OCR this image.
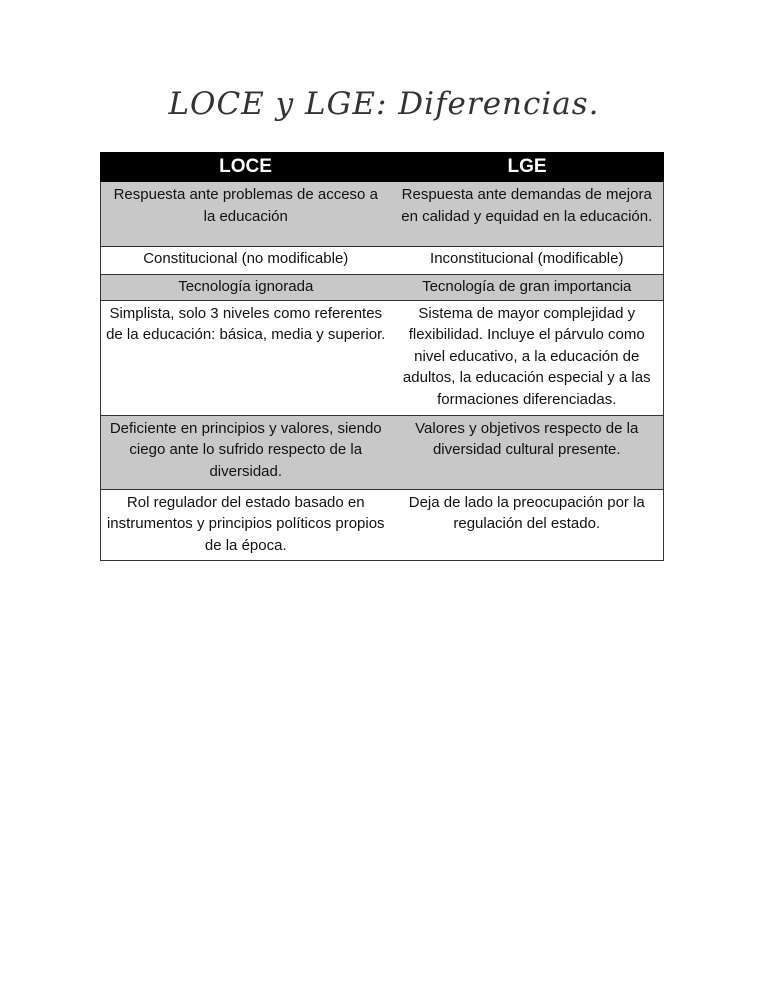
LOCE y LGE: Diferencias.
LOCE	LGE
Respuesta ante problemas de acceso a la educación	Respuesta ante demandas de mejora en calidad y equidad en la educación.
Constitucional (no modificable)	Inconstitucional (modificable)
Tecnología ignorada	Tecnología de gran importancia
Simplista, solo 3 niveles como referentes de la educación: básica, media y superior.	Sistema de mayor complejidad y flexibilidad. Incluye el párvulo como nivel educativo, a la educación de adultos, la educación especial y a las formaciones diferenciadas.
Deficiente en principios y valores, siendo ciego ante lo sufrido respecto de la diversidad.	Valores y objetivos respecto de la diversidad cultural presente.
Rol regulador del estado basado en instrumentos y principios políticos propios de la época.	Deja de lado la preocupación por la regulación del estado.
